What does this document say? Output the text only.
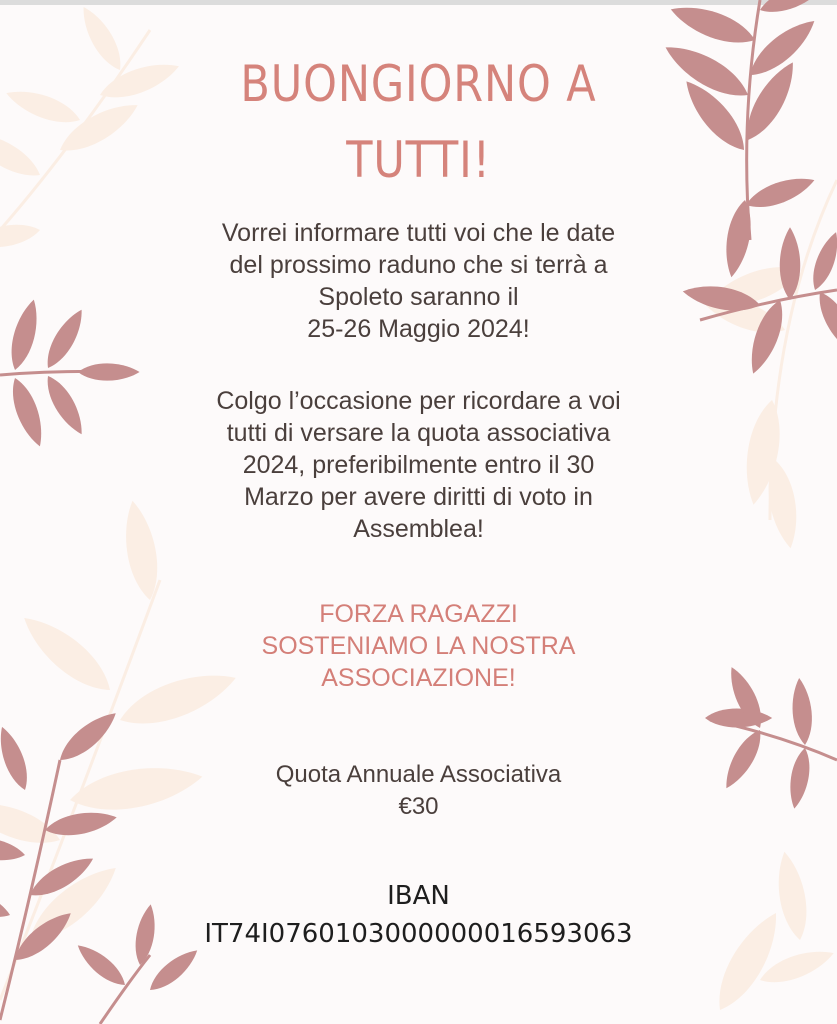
BUONGIORNO A
TUTTI!

Vorrei informare tutti voi che le date
del prossimo raduno che si terrà a
Spoleto saranno il
25-26 Maggio 2024!

Colgo l’occasione per ricordare a voi
tutti di versare la quota associativa
2024, preferibilmente entro il 30
Marzo per avere diritti di voto in
Assemblea!

FORZA RAGAZZI
SOSTENIAMO LA NOSTRA
ASSOCIAZIONE!

Quota Annuale Associativa
€30

IBAN
IT74I0760103000000016593063
